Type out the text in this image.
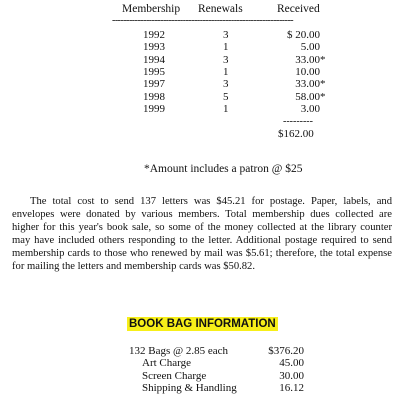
Membership Renewals	Received
----------------------------------------------------------------
1992	3	$ 20.00
1993	1	5.00
1994	3	33.00 *
1995	1	10.00
1997	3	33.00 *
1998	5	58.00 *
1999	1	3.00
---------
$162.00
*Amount includes a patron @ $25
The total cost to send 137 letters was $45.21 for postage. Paper, labels, and envelopes were donated by various members. Total membership dues collected are higher for this year's book sale, so some of the money collected at the library counter may have included others responding to the letter. Additional postage required to send membership cards to those who renewed by mail was $5.61; therefore, the total expense for mailing the letters and membership cards was $50.82.
BOOK BAG INFORMATION
132 Bags @ 2.85 each	$376.20
Art Charge	45.00
Screen Charge	30.00
Shipping & Handling	16.12
